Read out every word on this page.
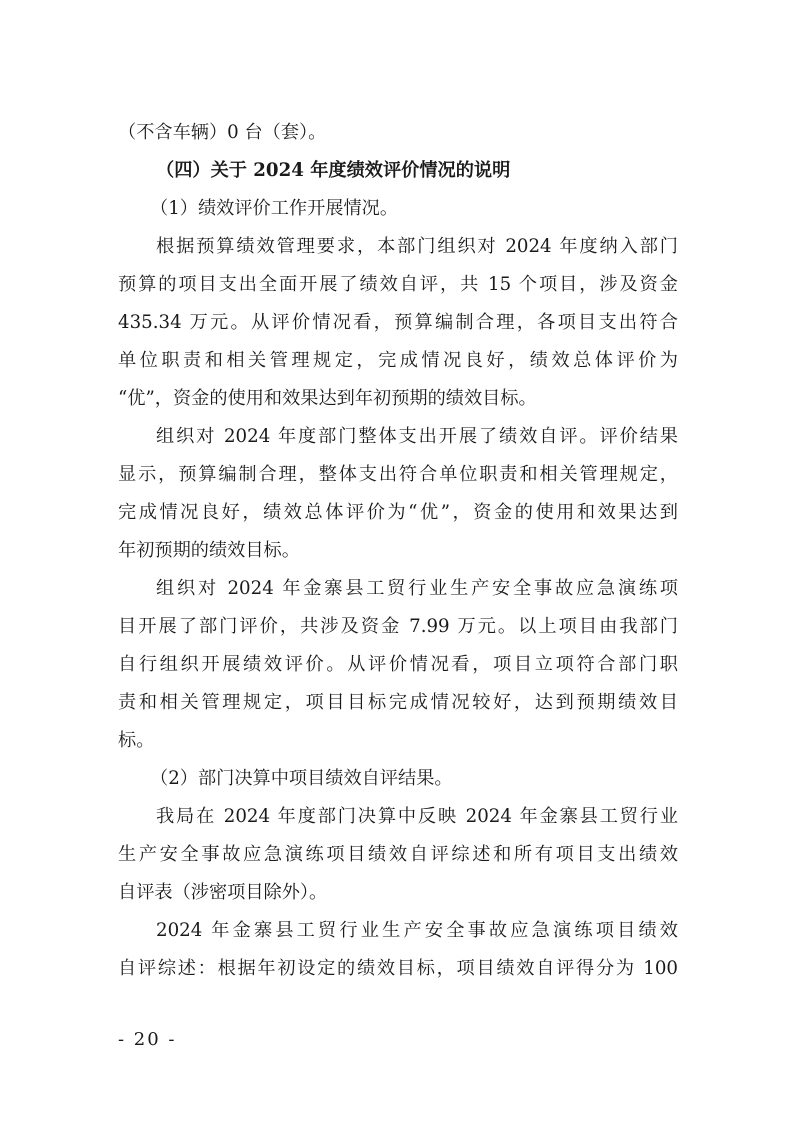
（不含车辆）0 台（套）。
（四）关于 2024 年度绩效评价情况的说明
（1）绩效评价工作开展情况。
根据预算绩效管理要求，本部门组织对 2024 年度纳入部门
预算的项目支出全面开展了绩效自评，共 15 个项目，涉及资金
435.34 万元。从评价情况看，预算编制合理，各项目支出符合
单位职责和相关管理规定，完成情况良好，绩效总体评价为
“优”，资金的使用和效果达到年初预期的绩效目标。
组织对 2024 年度部门整体支出开展了绩效自评。评价结果
显示，预算编制合理，整体支出符合单位职责和相关管理规定，
完成情况良好，绩效总体评价为“优”，资金的使用和效果达到
年初预期的绩效目标。
组织对 2024 年金寨县工贸行业生产安全事故应急演练项
目开展了部门评价，共涉及资金 7.99 万元。以上项目由我部门
自行组织开展绩效评价。从评价情况看，项目立项符合部门职
责和相关管理规定，项目目标完成情况较好，达到预期绩效目
标。
（2）部门决算中项目绩效自评结果。
我局在 2024 年度部门决算中反映 2024 年金寨县工贸行业
生产安全事故应急演练项目绩效自评综述和所有项目支出绩效
自评表（涉密项目除外）。
2024 年金寨县工贸行业生产安全事故应急演练项目绩效
自评综述：根据年初设定的绩效目标，项目绩效自评得分为 100
- 20 -
